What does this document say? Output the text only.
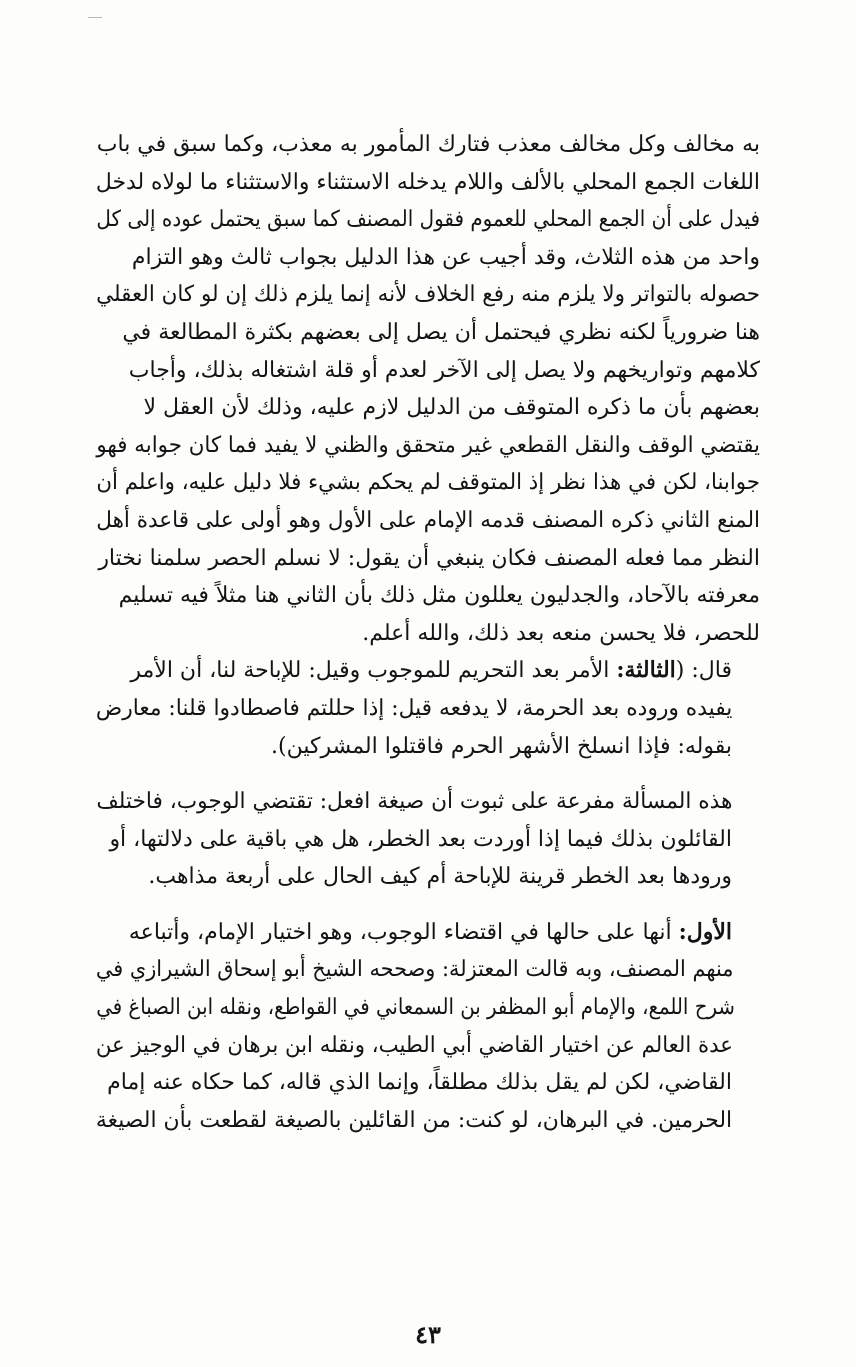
به مخالف وكل مخالف معذب فتارك المأمور به معذب، وكما سبق في باب
اللغات الجمع المحلي بالألف واللام يدخله الاستثناء والاستثناء ما لولاه لدخل
فيدل على أن الجمع المحلي للعموم فقول المصنف كما سبق يحتمل عوده إلى كل
واحد من هذه الثلاث، وقد أجيب عن هذا الدليل بجواب ثالث وهو التزام
حصوله بالتواتر ولا يلزم منه رفع الخلاف لأنه إنما يلزم ذلك إن لو كان العقلي
هنا ضرورياً لكنه نظري فيحتمل أن يصل إلى بعضهم بكثرة المطالعة في
كلامهم وتواريخهم ولا يصل إلى الآخر لعدم أو قلة اشتغاله بذلك، وأجاب
بعضهم بأن ما ذكره المتوقف من الدليل لازم عليه، وذلك لأن العقل لا
يقتضي الوقف والنقل القطعي غير متحقق والظني لا يفيد فما كان جوابه فهو
جوابنا، لكن في هذا نظر إذ المتوقف لم يحكم بشيء فلا دليل عليه، واعلم أن
المنع الثاني ذكره المصنف قدمه الإمام على الأول وهو أولى على قاعدة أهل
النظر مما فعله المصنف فكان ينبغي أن يقول: لا نسلم الحصر سلمنا نختار
معرفته بالآحاد، والجدليون يعللون مثل ذلك بأن الثاني هنا مثلاً فيه تسليم
للحصر، فلا يحسن منعه بعد ذلك، والله أعلم.

قال: (الثالثة: الأمر بعد التحريم للموجوب وقيل: للإباحة لنا، أن الأمر
يفيده وروده بعد الحرمة، لا يدفعه قيل: إذا حللتم فاصطادوا قلنا: معارض
بقوله: فإذا انسلخ الأشهر الحرم فاقتلوا المشركين).

هذه المسألة مفرعة على ثبوت أن صيغة افعل: تقتضي الوجوب، فاختلف
القائلون بذلك فيما إذا أوردت بعد الخطر، هل هي باقية على دلالتها، أو
ورودها بعد الخطر قرينة للإباحة أم كيف الحال على أربعة مذاهب.

الأول: أنها على حالها في اقتضاء الوجوب، وهو اختيار الإمام، وأتباعه
منهم المصنف، وبه قالت المعتزلة: وصححه الشيخ أبو إسحاق الشيرازي في
شرح اللمع، والإمام أبو المظفر بن السمعاني في القواطع، ونقله ابن الصباغ في
عدة العالم عن اختيار القاضي أبي الطيب، ونقله ابن برهان في الوجيز عن
القاضي، لكن لم يقل بذلك مطلقاً، وإنما الذي قاله، كما حكاه عنه إمام
الحرمين. في البرهان، لو كنت: من القائلين بالصيغة لقطعت بأن الصيغة

٤٣
